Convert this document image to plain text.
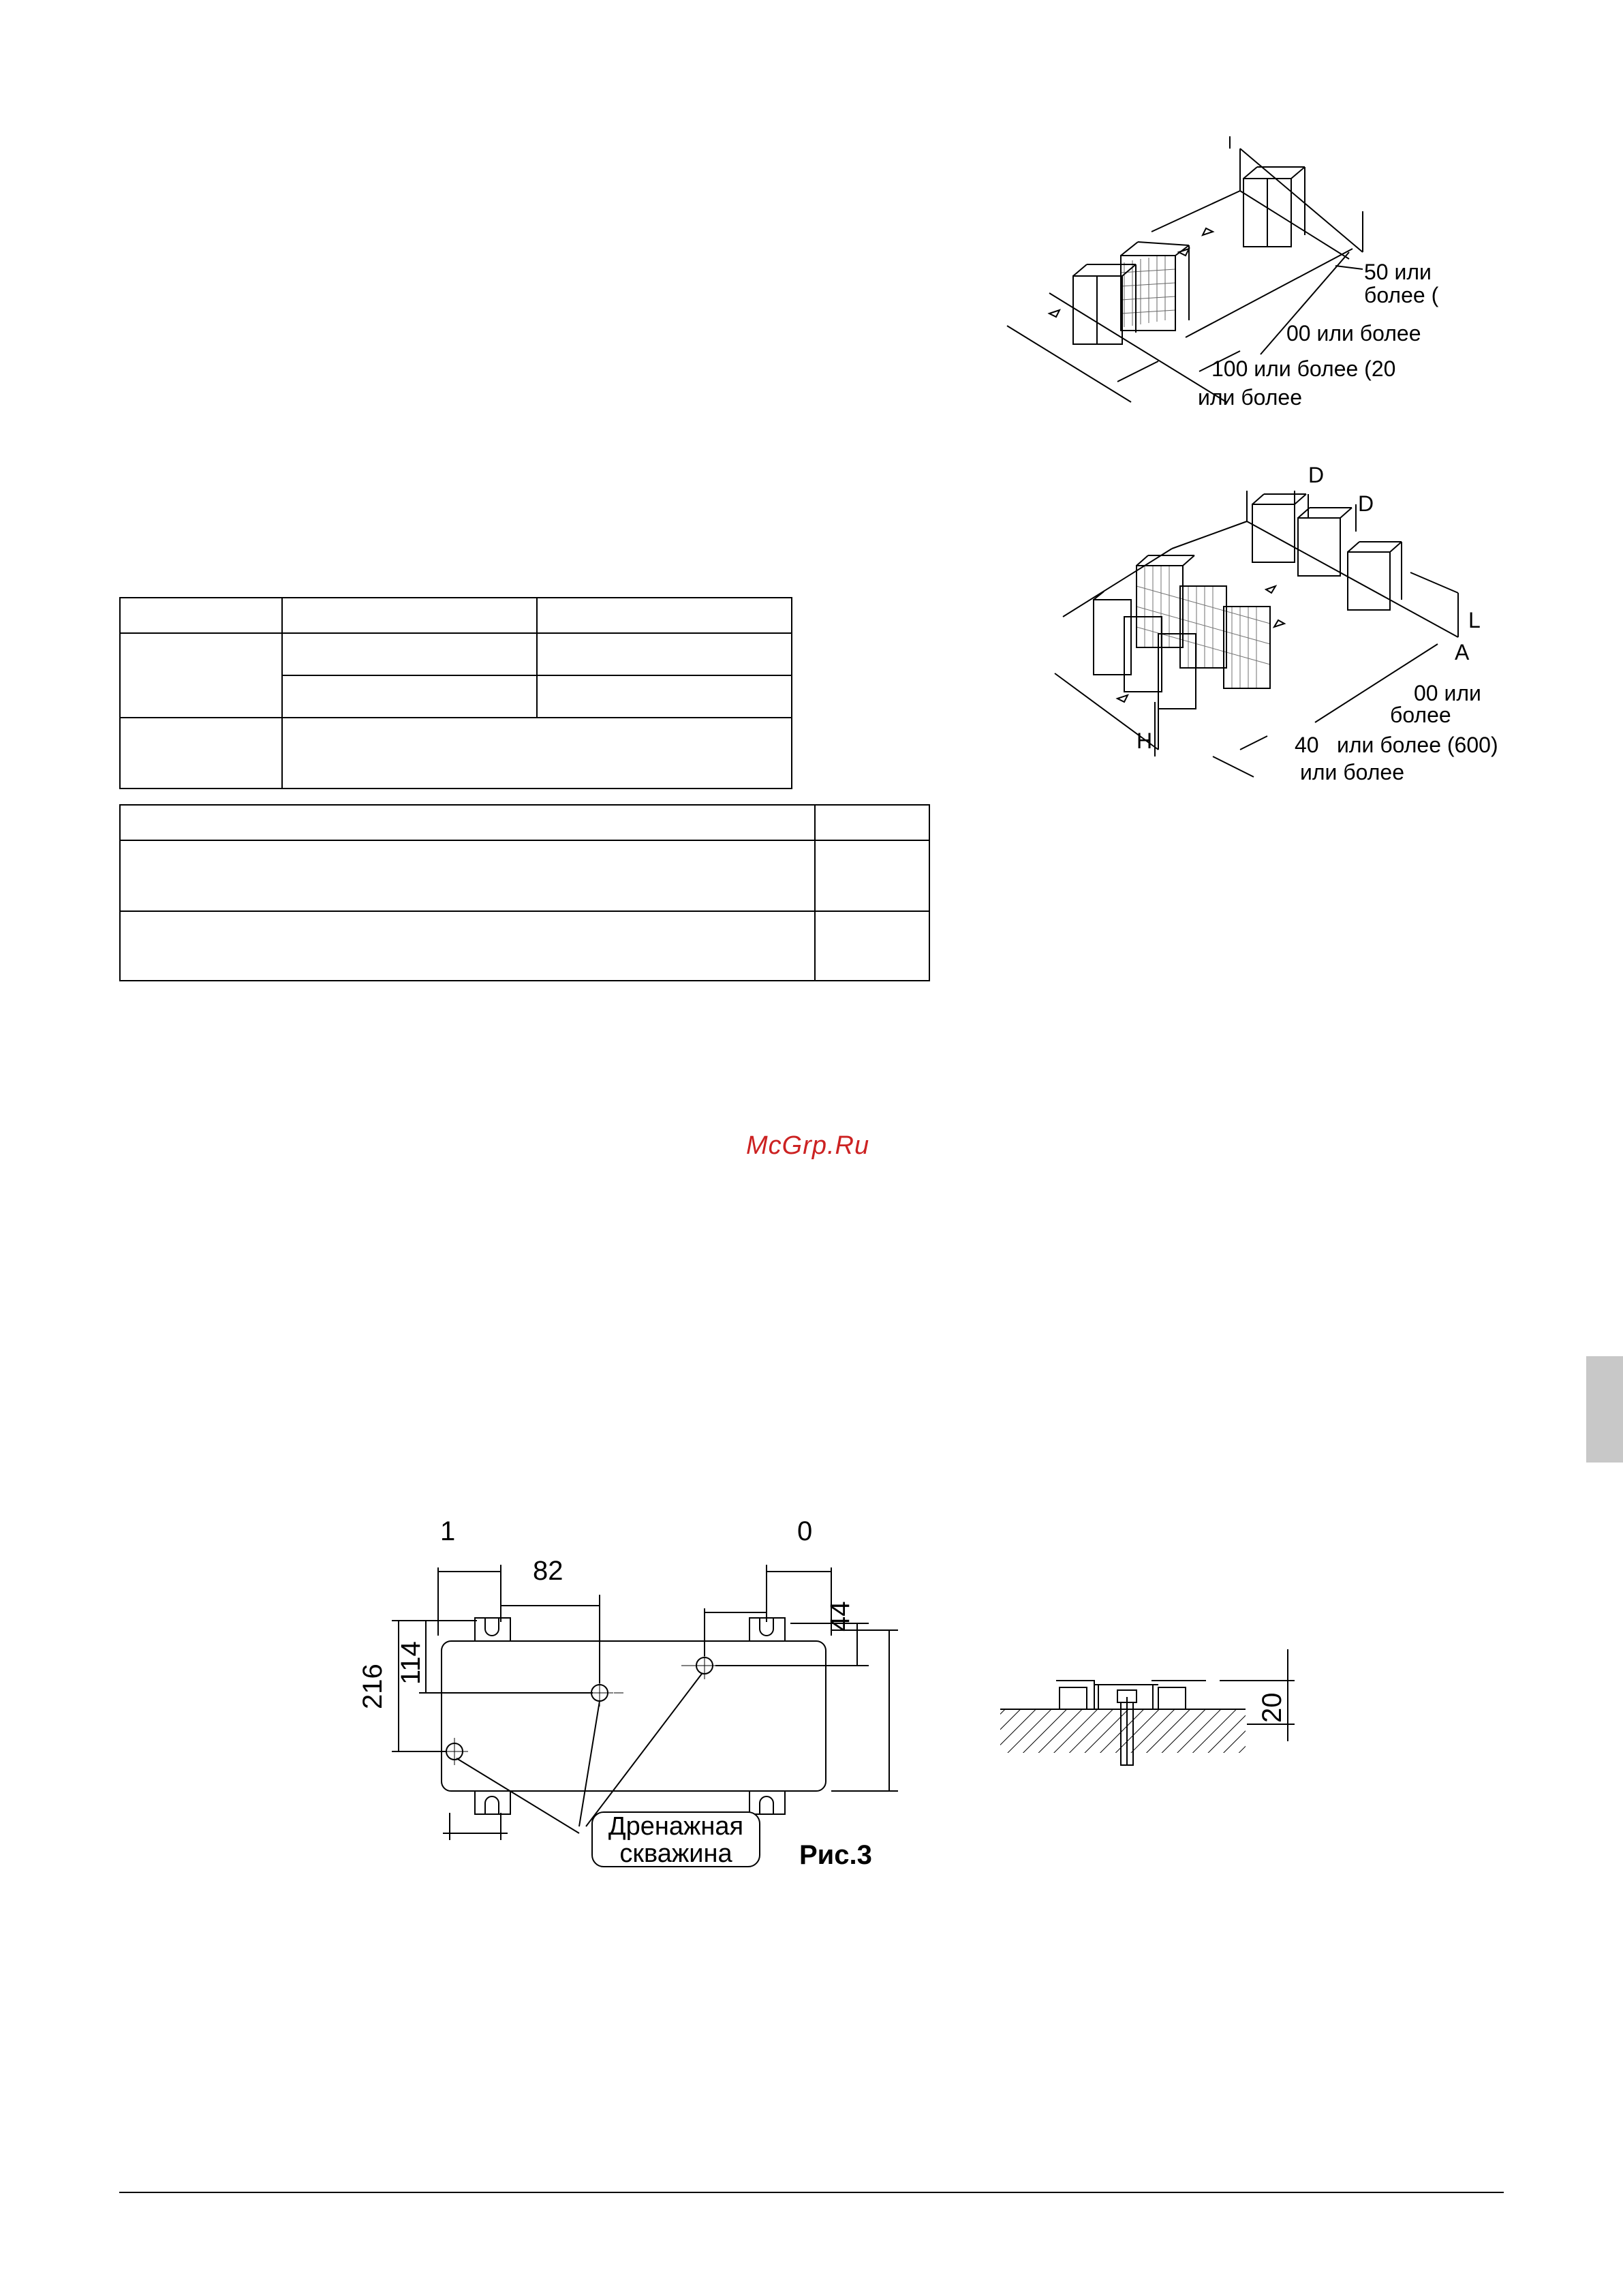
50 или
более (
00 или более
100 или более (20
или более
D
D
L
A
H
00 или
более
40 или более (600)
или более

McGrp.Ru
1	0
82
44
114
216
Дренажная
скважина	Рис.3
20
